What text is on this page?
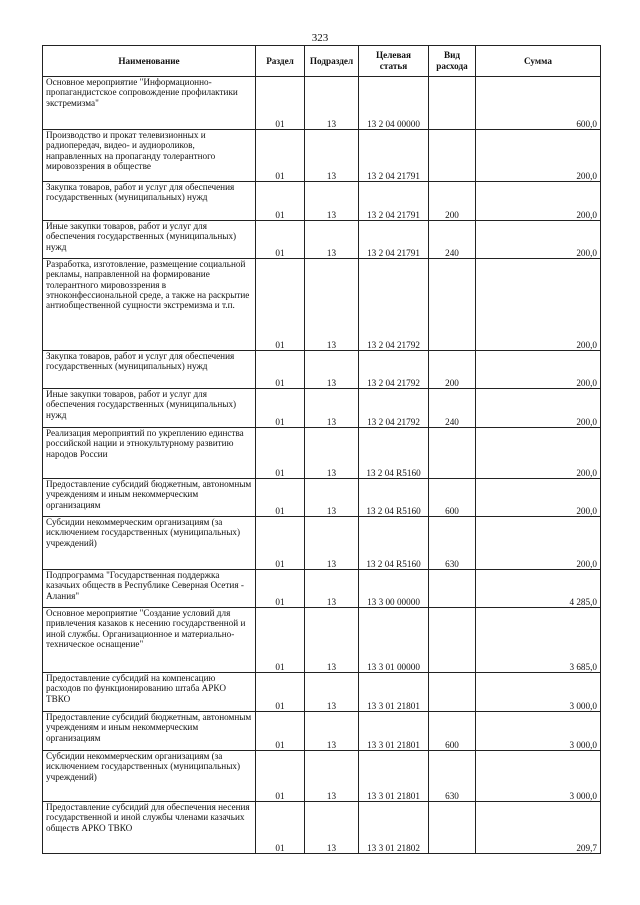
323
Наименование	Раздел	Подраздел	Целевая статья	Вид расхода	Сумма
Основное мероприятие "Информационно-пропагандистское сопровождение профилактики экстремизма"	01	13	13 2 04 00000		600,0
Производство и прокат телевизионных и радиопередач, видео- и аудиороликов, направленных на пропаганду толерантного мировоззрения в обществе	01	13	13 2 04 21791		200,0
Закупка товаров, работ и услуг для обеспечения государственных (муниципальных) нужд	01	13	13 2 04 21791	200	200,0
Иные закупки товаров, работ и услуг для обеспечения государственных (муниципальных) нужд	01	13	13 2 04 21791	240	200,0
Разработка, изготовление, размещение социальной рекламы, направленной на формирование толерантного мировоззрения в этноконфессиональной среде, а также на раскрытие антиобщественной сущности экстремизма и т.п.	01	13	13 2 04 21792		200,0
Закупка товаров, работ и услуг для обеспечения государственных (муниципальных) нужд	01	13	13 2 04 21792	200	200,0
Иные закупки товаров, работ и услуг для обеспечения государственных (муниципальных) нужд	01	13	13 2 04 21792	240	200,0
Реализация мероприятий по укреплению единства российской нации и этнокультурному развитию народов России	01	13	13 2 04 R5160		200,0
Предоставление субсидий бюджетным, автономным учреждениям и иным некоммерческим организациям	01	13	13 2 04 R5160	600	200,0
Субсидии некоммерческим организациям (за исключением государственных (муниципальных) учреждений)	01	13	13 2 04 R5160	630	200,0
Подпрограмма "Государственная поддержка казачьих обществ в Республике Северная Осетия - Алания"	01	13	13 3 00 00000		4 285,0
Основное мероприятие "Создание условий для привлечения казаков к несению государственной и иной службы. Организационное и материально-техническое оснащение"	01	13	13 3 01 00000		3 685,0
Предоставление субсидий на компенсацию расходов по функционированию штаба АРКО ТВКО	01	13	13 3 01 21801		3 000,0
Предоставление субсидий бюджетным, автономным учреждениям и иным некоммерческим организациям	01	13	13 3 01 21801	600	3 000,0
Субсидии некоммерческим организациям (за исключением государственных (муниципальных) учреждений)	01	13	13 3 01 21801	630	3 000,0
Предоставление субсидий для обеспечения несения государственной и иной службы членами казачьих обществ АРКО ТВКО	01	13	13 3 01 21802		209,7
